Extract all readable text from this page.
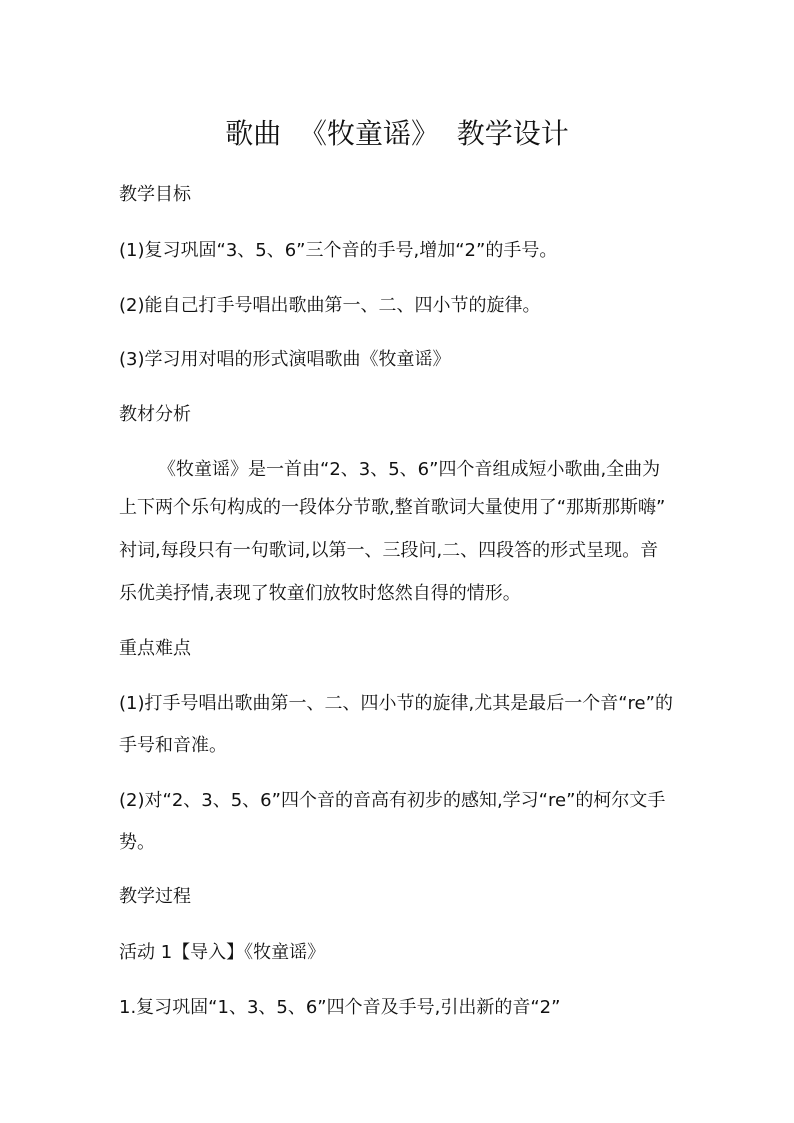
歌曲  《牧童谣》  教学设计
教学目标
(1)复习巩固“3、5、6”三个音的手号,增加“2”的手号。
(2)能自己打手号唱出歌曲第一、二、四小节的旋律。
(3)学习用对唱的形式演唱歌曲《牧童谣》
教材分析
《牧童谣》是一首由“2、3、5、6”四个音组成短小歌曲,全曲为
上下两个乐句构成的一段体分节歌,整首歌词大量使用了“那斯那斯嗨”
衬词,每段只有一句歌词,以第一、三段问,二、四段答的形式呈现。音
乐优美抒情,表现了牧童们放牧时悠然自得的情形。
重点难点
(1)打手号唱出歌曲第一、二、四小节的旋律,尤其是最后一个音“re”的
手号和音准。
(2)对“2、3、5、6”四个音的音高有初步的感知,学习“re”的柯尔文手
势。
教学过程
活动 1【导入】《牧童谣》
1.复习巩固“1、3、5、6”四个音及手号,引出新的音“2”
